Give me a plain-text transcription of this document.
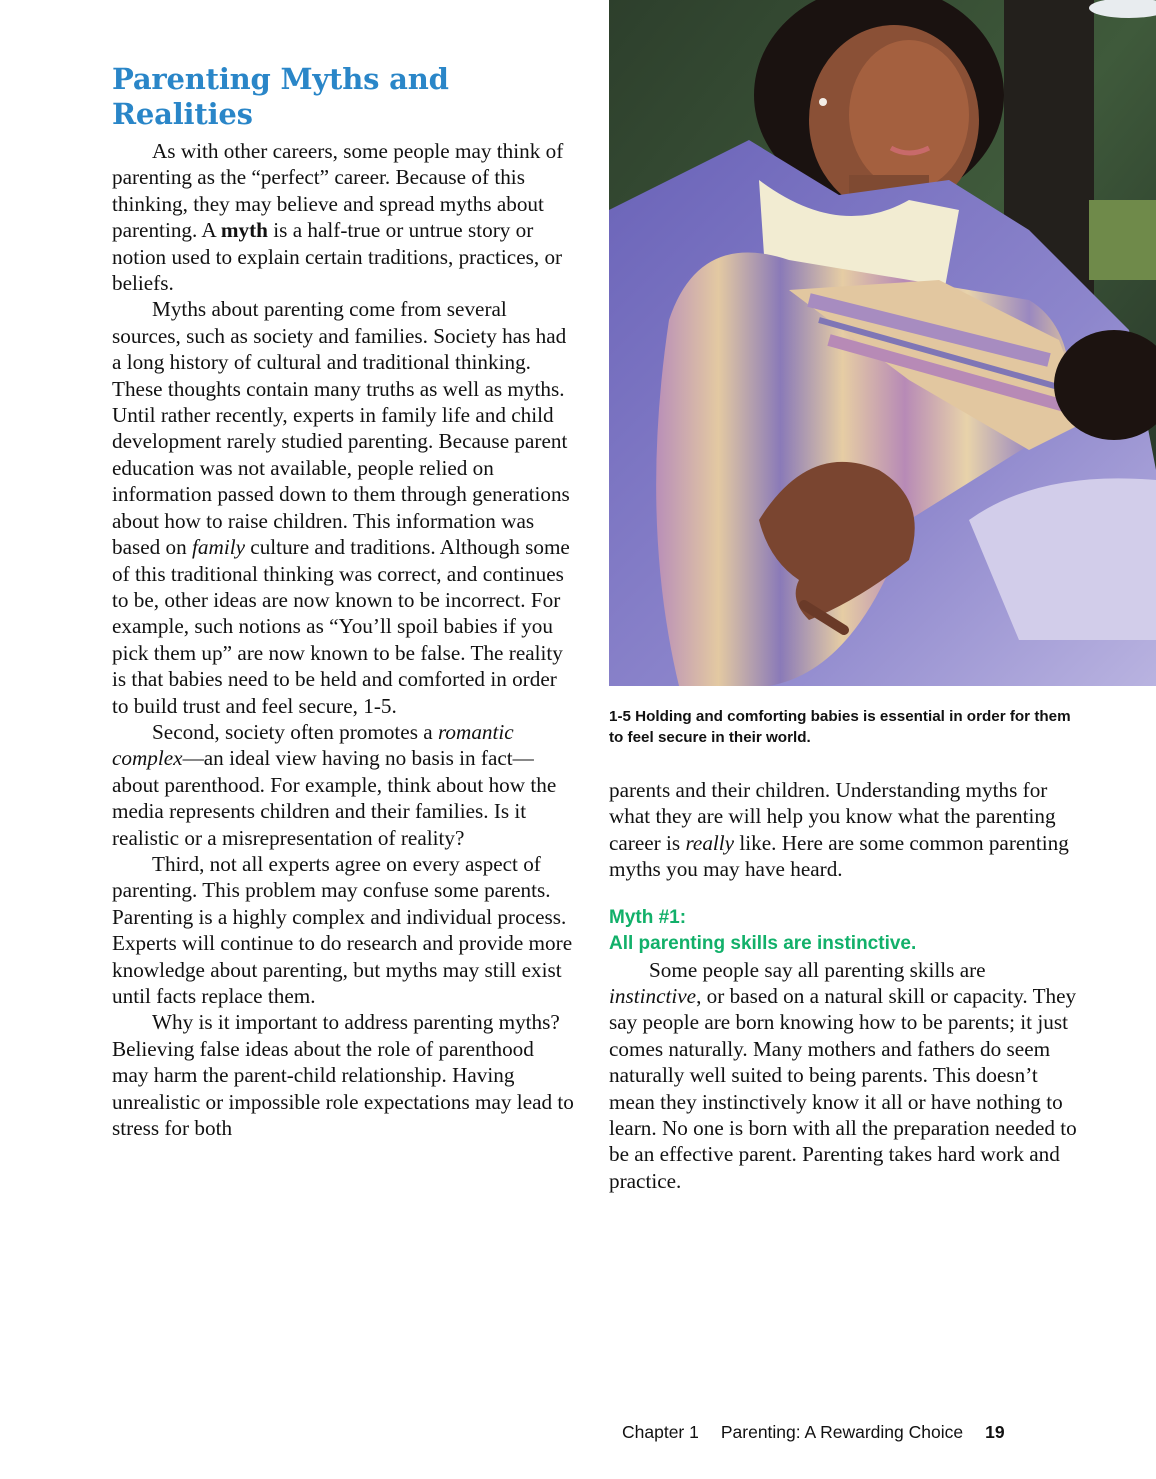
Parenting Myths and Realities

As with other careers, some people may think of parenting as the “perfect” career. Because of this thinking, they may believe and spread myths about parenting. A myth is a half-true or untrue story or notion used to explain certain traditions, practices, or beliefs.

Myths about parenting come from several sources, such as society and families. Society has had a long history of cultural and traditional thinking. These thoughts contain many truths as well as myths. Until rather recently, experts in family life and child development rarely studied parenting. Because parent education was not available, people relied on information passed down to them through generations about how to raise children. This information was based on family culture and traditions. Although some of this traditional thinking was correct, and continues to be, other ideas are now known to be incorrect. For example, such notions as “You’ll spoil babies if you pick them up” are now known to be false. The reality is that babies need to be held and comforted in order to build trust and feel secure, 1-5.

Second, society often promotes a romantic complex—an ideal view having no basis in fact—about parenthood. For example, think about how the media represents children and their families. Is it realistic or a misrepresentation of reality?

Third, not all experts agree on every aspect of parenting. This problem may confuse some parents. Parenting is a highly complex and individual process. Experts will continue to do research and provide more knowledge about parenting, but myths may still exist until facts replace them.

Why is it important to address parenting myths? Believing false ideas about the role of parenthood may harm the parent-child relationship. Having unrealistic or impossible role expectations may lead to stress for both

1-5 Holding and comforting babies is essential in order for them to feel secure in their world.

parents and their children. Understanding myths for what they are will help you know what the parenting career is really like. Here are some common parenting myths you may have heard.

Myth #1:
All parenting skills are instinctive.

Some people say all parenting skills are instinctive, or based on a natural skill or capacity. They say people are born knowing how to be parents; it just comes naturally. Many mothers and fathers do seem naturally well suited to being parents. This doesn’t mean they instinctively know it all or have nothing to learn. No one is born with all the preparation needed to be an effective parent. Parenting takes hard work and practice.

Chapter 1 Parenting: A Rewarding Choice 19
